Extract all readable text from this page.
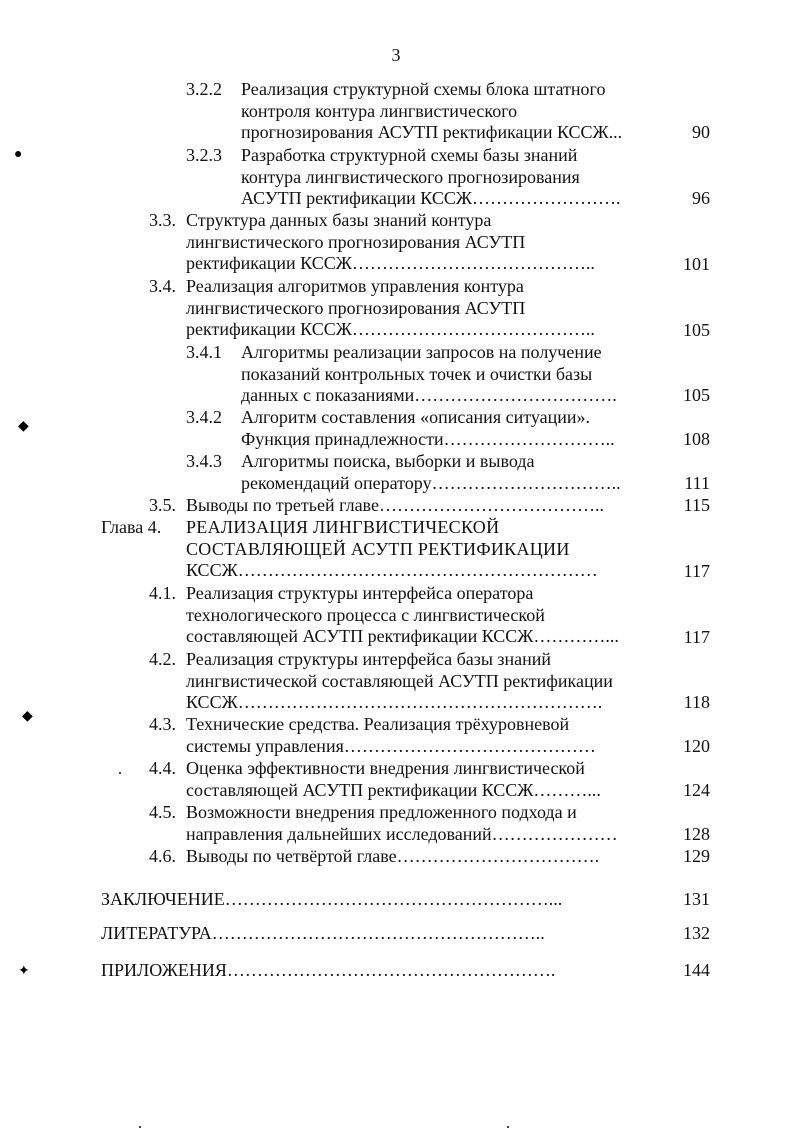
3
3.2.2 Реализация структурной схемы блока штатного
контроля контура лингвистического
прогнозирования АСУТП ректификации КССЖ...	90
3.2.3 Разработка структурной схемы базы знаний
контура лингвистического прогнозирования
АСУТП ректификации КССЖ…………………….	96
3.3. Структура данных базы знаний контура
лингвистического прогнозирования АСУТП
ректификации КССЖ…………………………………..	101
3.4. Реализация алгоритмов управления контура
лингвистического прогнозирования АСУТП
ректификации КССЖ…………………………………..	105
3.4.1 Алгоритмы реализации запросов на получение
показаний контрольных точек и очистки базы
данных с показаниями…………………………….	105
3.4.2 Алгоритм составления «описания ситуации».
Функция принадлежности………………………..	108
3.4.3 Алгоритмы поиска, выборки и вывода
рекомендаций оператору…………………………..	111
3.5. Выводы по третьей главе………………………………..	115
Глава 4. РЕАЛИЗАЦИЯ ЛИНГВИСТИЧЕСКОЙ
СОСТАВЛЯЮЩЕЙ АСУТП РЕКТИФИКАЦИИ
КССЖ……………………………………………………	117
4.1. Реализация структуры интерфейса оператора
технологического процесса с лингвистической
составляющей АСУТП ректификации КССЖ…………...	117
4.2. Реализация структуры интерфейса базы знаний
лингвистической составляющей АСУТП ректификации
КССЖ…………………………………………………….	118
4.3. Технические средства. Реализация трёхуровневой
системы управления……………………………………	120
4.4. Оценка эффективности внедрения лингвистической
составляющей АСУТП ректификации КССЖ………...	124
4.5. Возможности внедрения предложенного подхода и
направления дальнейших исследований…………………	128
4.6. Выводы по четвёртой главе…………………………….	129
ЗАКЛЮЧЕНИЕ………………………………………………...	131
ЛИТЕРАТУРА………………………………………………..	132
ПРИЛОЖЕНИЯ……………………………………………….	144
●
◆
◆
✦
